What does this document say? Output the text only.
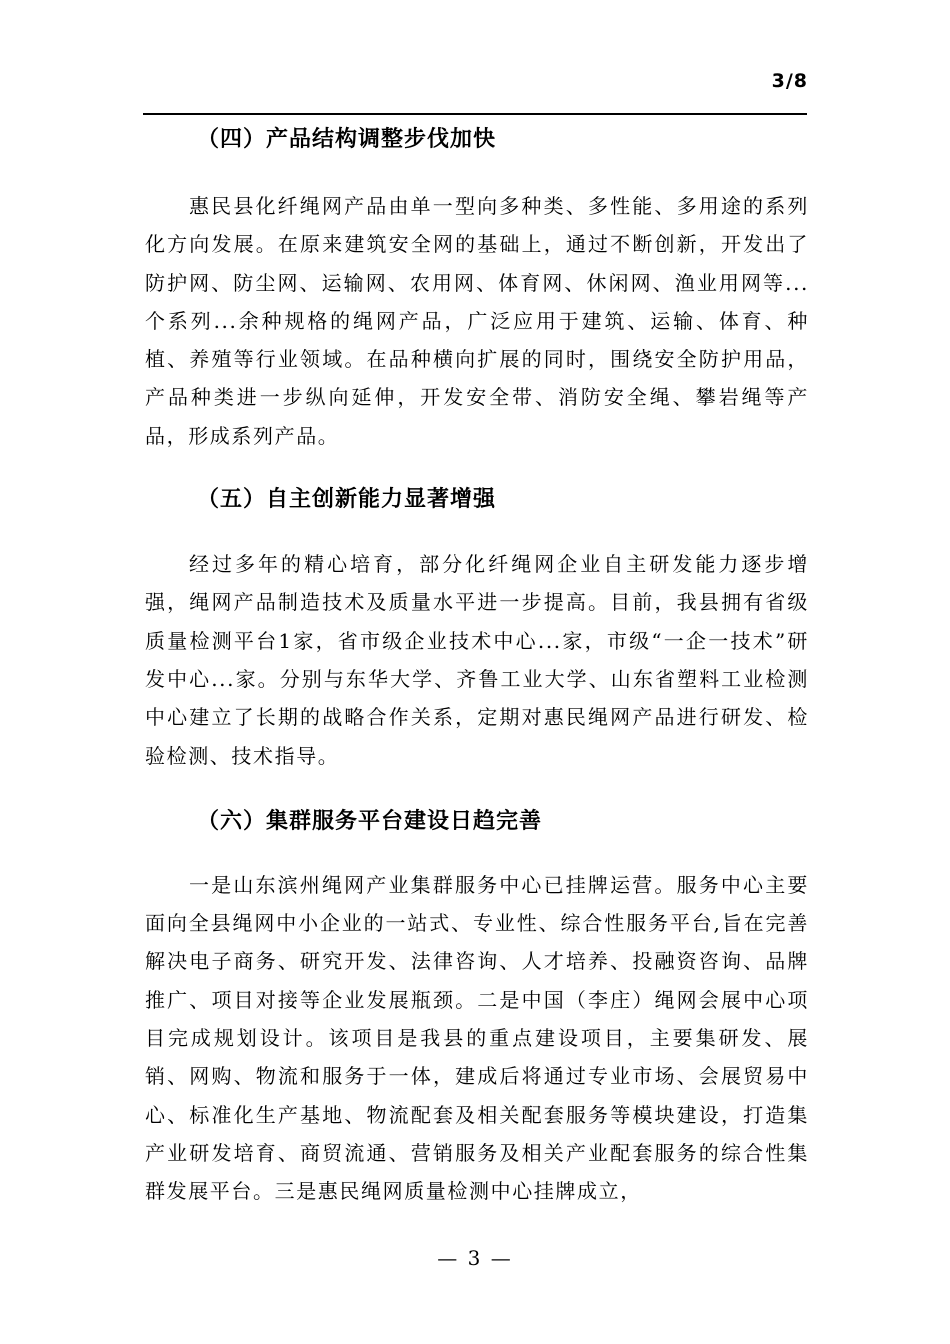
3/8
（四）产品结构调整步伐加快

惠民县化纤绳网产品由单一型向多种类、多性能、多用途的系列化方向发展。在原来建筑安全网的基础上，通过不断创新，开发出了防护网、防尘网、运输网、农用网、体育网、休闲网、渔业用网等...个系列...余种规格的绳网产品，广泛应用于建筑、运输、体育、种植、养殖等行业领域。在品种横向扩展的同时，围绕安全防护用品，产品种类进一步纵向延伸，开发安全带、消防安全绳、攀岩绳等产品，形成系列产品。

（五）自主创新能力显著增强

经过多年的精心培育，部分化纤绳网企业自主研发能力逐步增强，绳网产品制造技术及质量水平进一步提高。目前，我县拥有省级质量检测平台1家，省市级企业技术中心...家，市级“一企一技术”研发中心...家。分别与东华大学、齐鲁工业大学、山东省塑料工业检测中心建立了长期的战略合作关系，定期对惠民绳网产品进行研发、检验检测、技术指导。

（六）集群服务平台建设日趋完善

一是山东滨州绳网产业集群服务中心已挂牌运营。服务中心主要面向全县绳网中小企业的一站式、专业性、综合性服务平台,旨在完善解决电子商务、研究开发、法律咨询、人才培养、投融资咨询、品牌推广、项目对接等企业发展瓶颈。二是中国（李庄）绳网会展中心项目完成规划设计。该项目是我县的重点建设项目，主要集研发、展销、网购、物流和服务于一体，建成后将通过专业市场、会展贸易中心、标准化生产基地、物流配套及相关配套服务等模块建设，打造集产业研发培育、商贸流通、营销服务及相关产业配套服务的综合性集群发展平台。三是惠民绳网质量检测中心挂牌成立，

— 3 —
